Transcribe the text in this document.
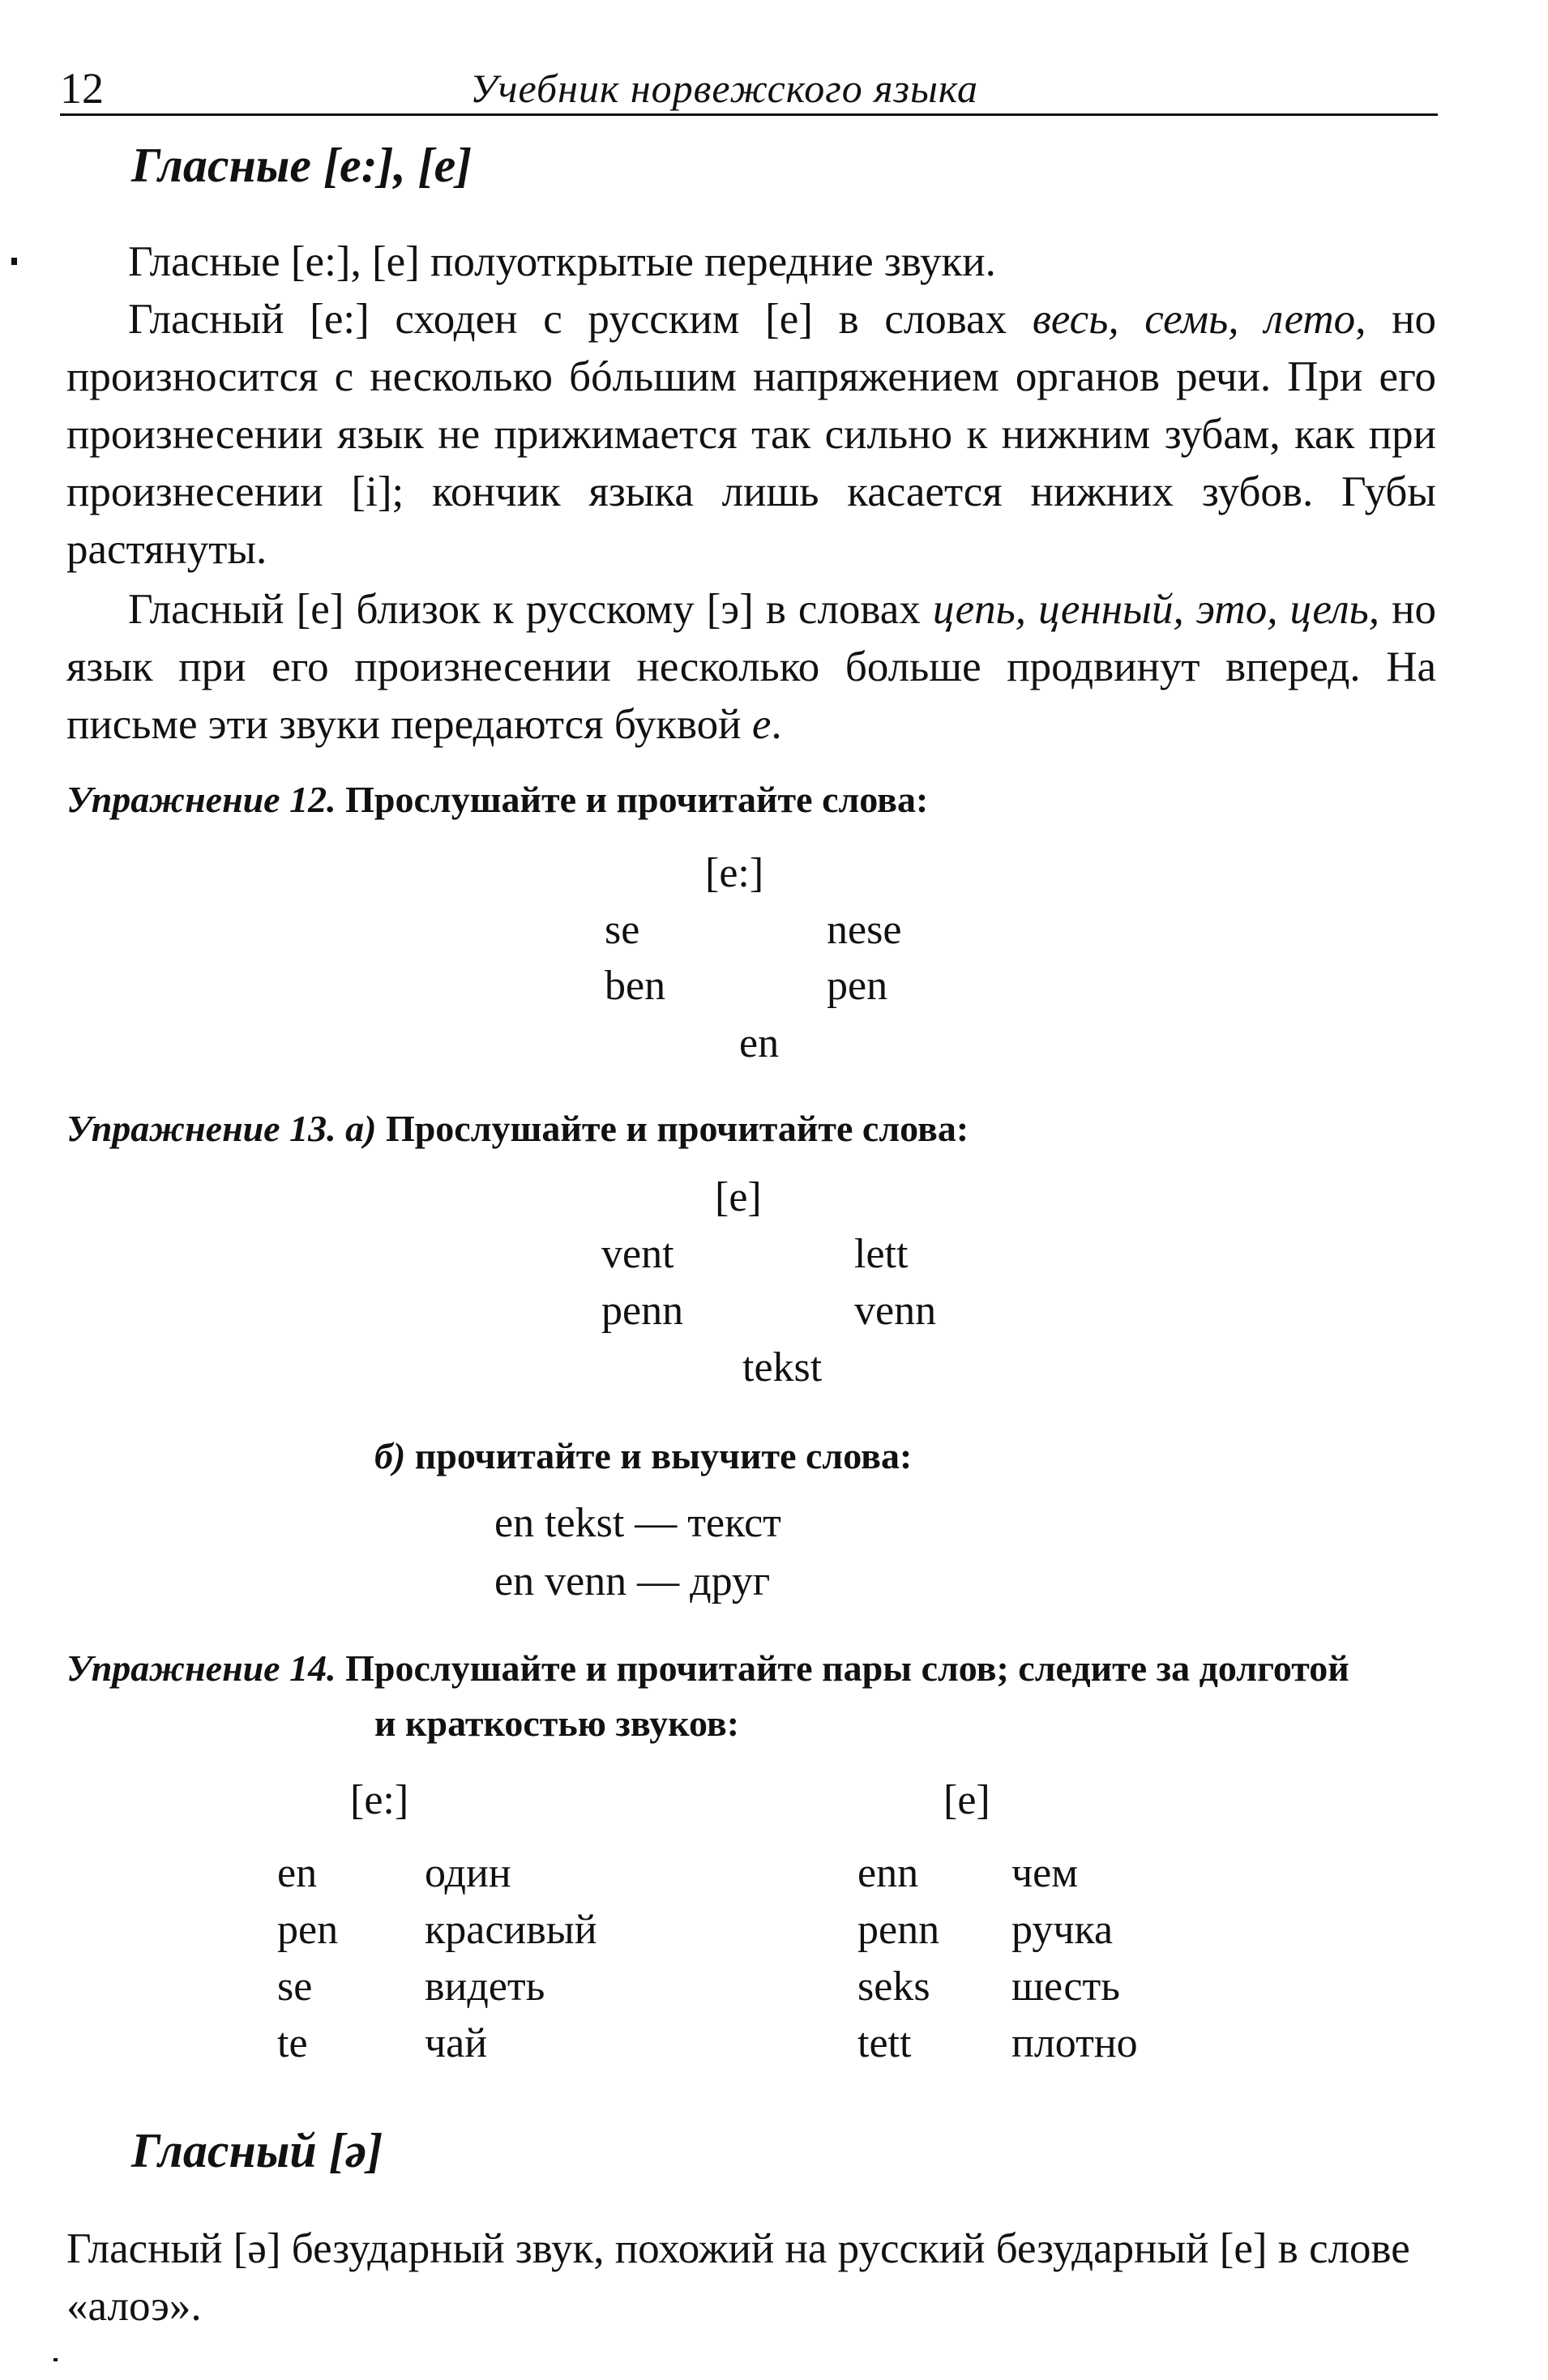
12	Учебник норвежского языка
Гласные [e:], [e]
Гласные [e:], [e] полуоткрытые передние звуки.
Гласный [e:] сходен с русским [е] в словах весь, семь, лето, но произносится с несколько бóльшим напряжением органов речи. При его произнесении язык не прижимается так сильно к нижним зубам, как при произнесении [i]; кончик языка лишь касается нижних зубов. Губы растянуты.
Гласный [e] близок к русскому [э] в словах цепь, ценный, это, цель, но язык при его произнесении несколько больше продвинут вперед. На письме эти звуки передаются буквой е.
Упражнение 12. Прослушайте и прочитайте слова:
[e:]
se	nese
ben	pen
en
Упражнение 13. а) Прослушайте и прочитайте слова:
[e]
vent	lett
penn	venn
tekst
б) прочитайте и выучите слова:
en tekst — текст
en venn — друг
Упражнение 14. Прослушайте и прочитайте пары слов; следите за долготой
и краткостью звуков:
[e:]	[e]
en	один
pen красивый
se	видеть
te	чай
enn чем
penn ручка
seks шесть
tett плотно
Гласный [ə]
Гласный [ə] безударный звук, похожий на русский безударный [е] в слове «алоэ».
